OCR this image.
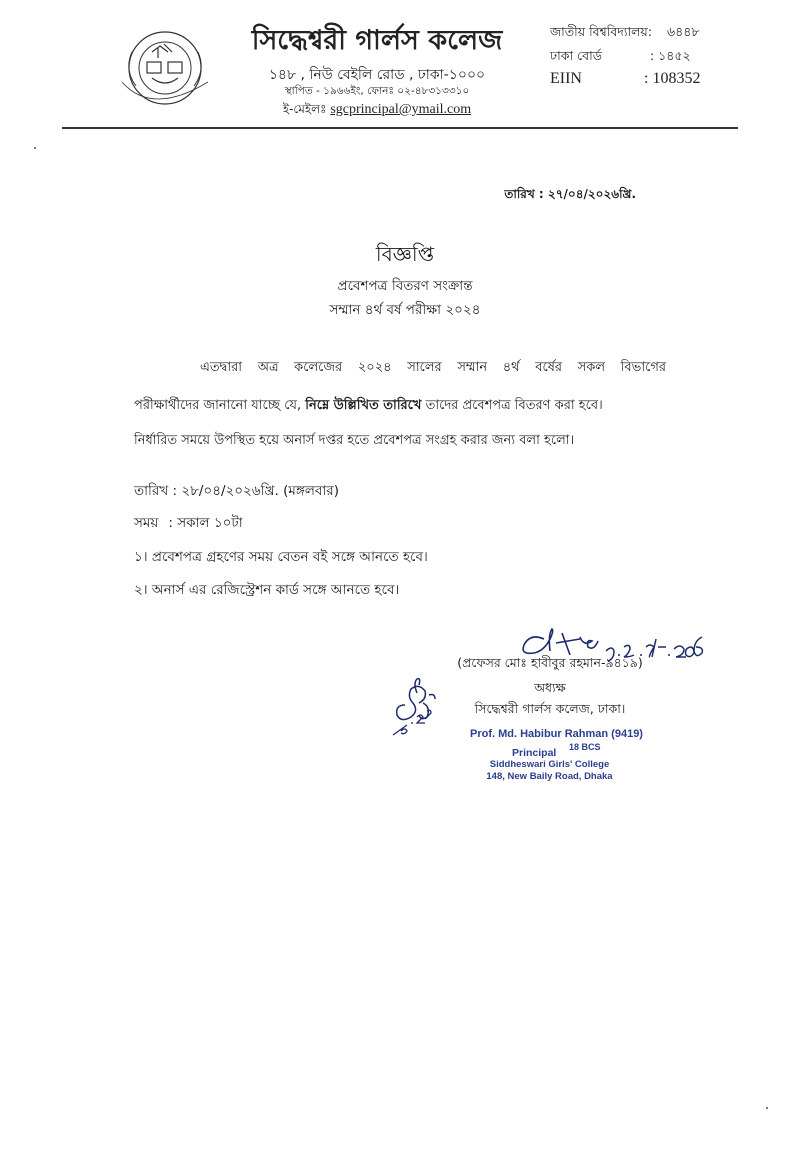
সিদ্ধেশ্বরী গার্লস কলেজ
১৪৮ , নিউ বেইলি রোড , ঢাকা-১০০০
স্থাপিত - ১৯৬৬ইং, ফোনঃ ০২-৪৮৩১৩৩১০
ই-মেইলঃ sgcprincipal@ymail.com
জাতীয় বিশ্ববিদ্যালয়: ৬৪৪৮
ঢাকা বোর্ড	: ১৪৫২
EIIN	: 108352
তারিখ : ২৭/০৪/২০২৬খ্রি.
বিজ্ঞপ্তি
প্রবেশপত্র বিতরণ সংক্রান্ত
সম্মান ৪র্থ বর্ষ পরীক্ষা ২০২৪
এতদ্বারা অত্র কলেজের ২০২৪ সালের সম্মান ৪র্থ বর্ষের সকল বিভাগের
পরীক্ষার্থীদের জানানো যাচ্ছে যে, নিম্নে উল্লিখিত তারিখে তাদের প্রবেশপত্র বিতরণ করা হবে।
নির্ধারিত সময়ে উপস্থিত হয়ে অনার্স দপ্তর হতে প্রবেশপত্র সংগ্রহ করার জন্য বলা হলো।
তারিখ : ২৮/০৪/২০২৬খ্রি. (মঙ্গলবার)
সময় : সকাল ১০টা
১। প্রবেশপত্র গ্রহণের সময় বেতন বই সঙ্গে আনতে হবে।
২। অনার্স এর রেজিস্ট্রেশন কার্ড সঙ্গে আনতে হবে।
(প্রফেসর মোঃ হাবীবুর রহমান-৯৪১৯)
অধ্যক্ষ
সিদ্ধেশ্বরী গার্লস কলেজ, ঢাকা।
Prof. Md. Habibur Rahman (9419)
18 BCS
Principal
Siddheswari Girls' College
148, New Baily Road, Dhaka
